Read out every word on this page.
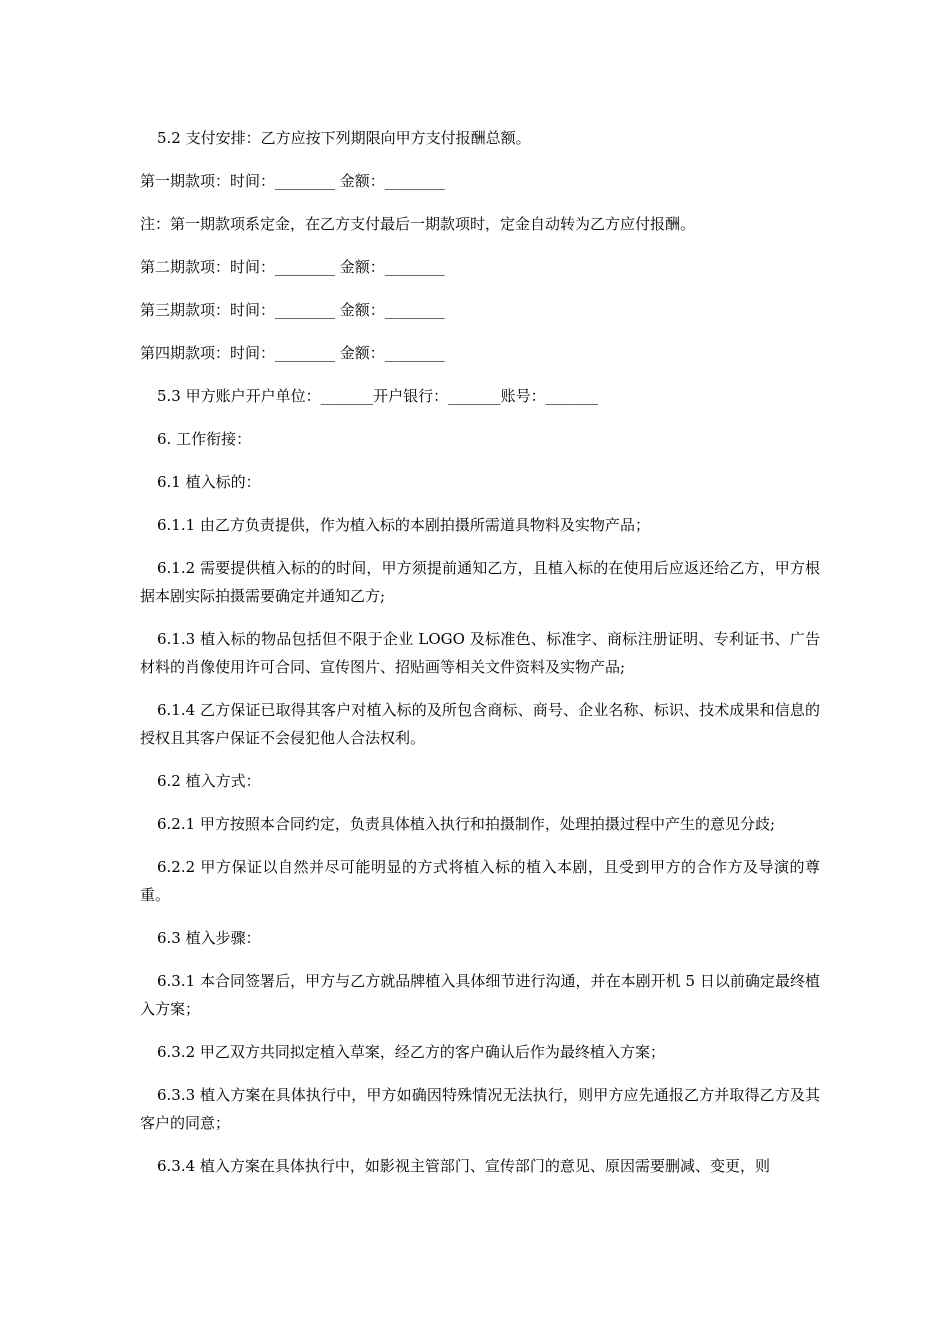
5.2 支付安排：乙方应按下列期限向甲方支付报酬总额。

第一期款项：时间：________ 金额：________

注：第一期款项系定金，在乙方支付最后一期款项时，定金自动转为乙方应付报酬。

第二期款项：时间：________ 金额：________

第三期款项：时间：________ 金额：________

第四期款项：时间：________ 金额：________

5.3 甲方账户开户单位：_______开户银行：_______账号：_______

6. 工作衔接：

6.1 植入标的：

6.1.1 由乙方负责提供，作为植入标的本剧拍摄所需道具物料及实物产品；

6.1.2 需要提供植入标的的时间，甲方须提前通知乙方，且植入标的在使用后应返还给乙方，甲方根据本剧实际拍摄需要确定并通知乙方;

6.1.3 植入标的物品包括但不限于企业 LOGO 及标准色、标准字、商标注册证明、专利证书、广告材料的肖像使用许可合同、宣传图片、招贴画等相关文件资料及实物产品;

6.1.4 乙方保证已取得其客户对植入标的及所包含商标、商号、企业名称、标识、技术成果和信息的授权且其客户保证不会侵犯他人合法权利。

6.2 植入方式：

6.2.1 甲方按照本合同约定，负责具体植入执行和拍摄制作，处理拍摄过程中产生的意见分歧;

6.2.2 甲方保证以自然并尽可能明显的方式将植入标的植入本剧，且受到甲方的合作方及导演的尊重。

6.3 植入步骤：

6.3.1 本合同签署后，甲方与乙方就品牌植入具体细节进行沟通，并在本剧开机 5 日以前确定最终植入方案；

6.3.2 甲乙双方共同拟定植入草案，经乙方的客户确认后作为最终植入方案；

6.3.3 植入方案在具体执行中，甲方如确因特殊情况无法执行，则甲方应先通报乙方并取得乙方及其客户的同意；

6.3.4 植入方案在具体执行中，如影视主管部门、宣传部门的意见、原因需要删减、变更，则
